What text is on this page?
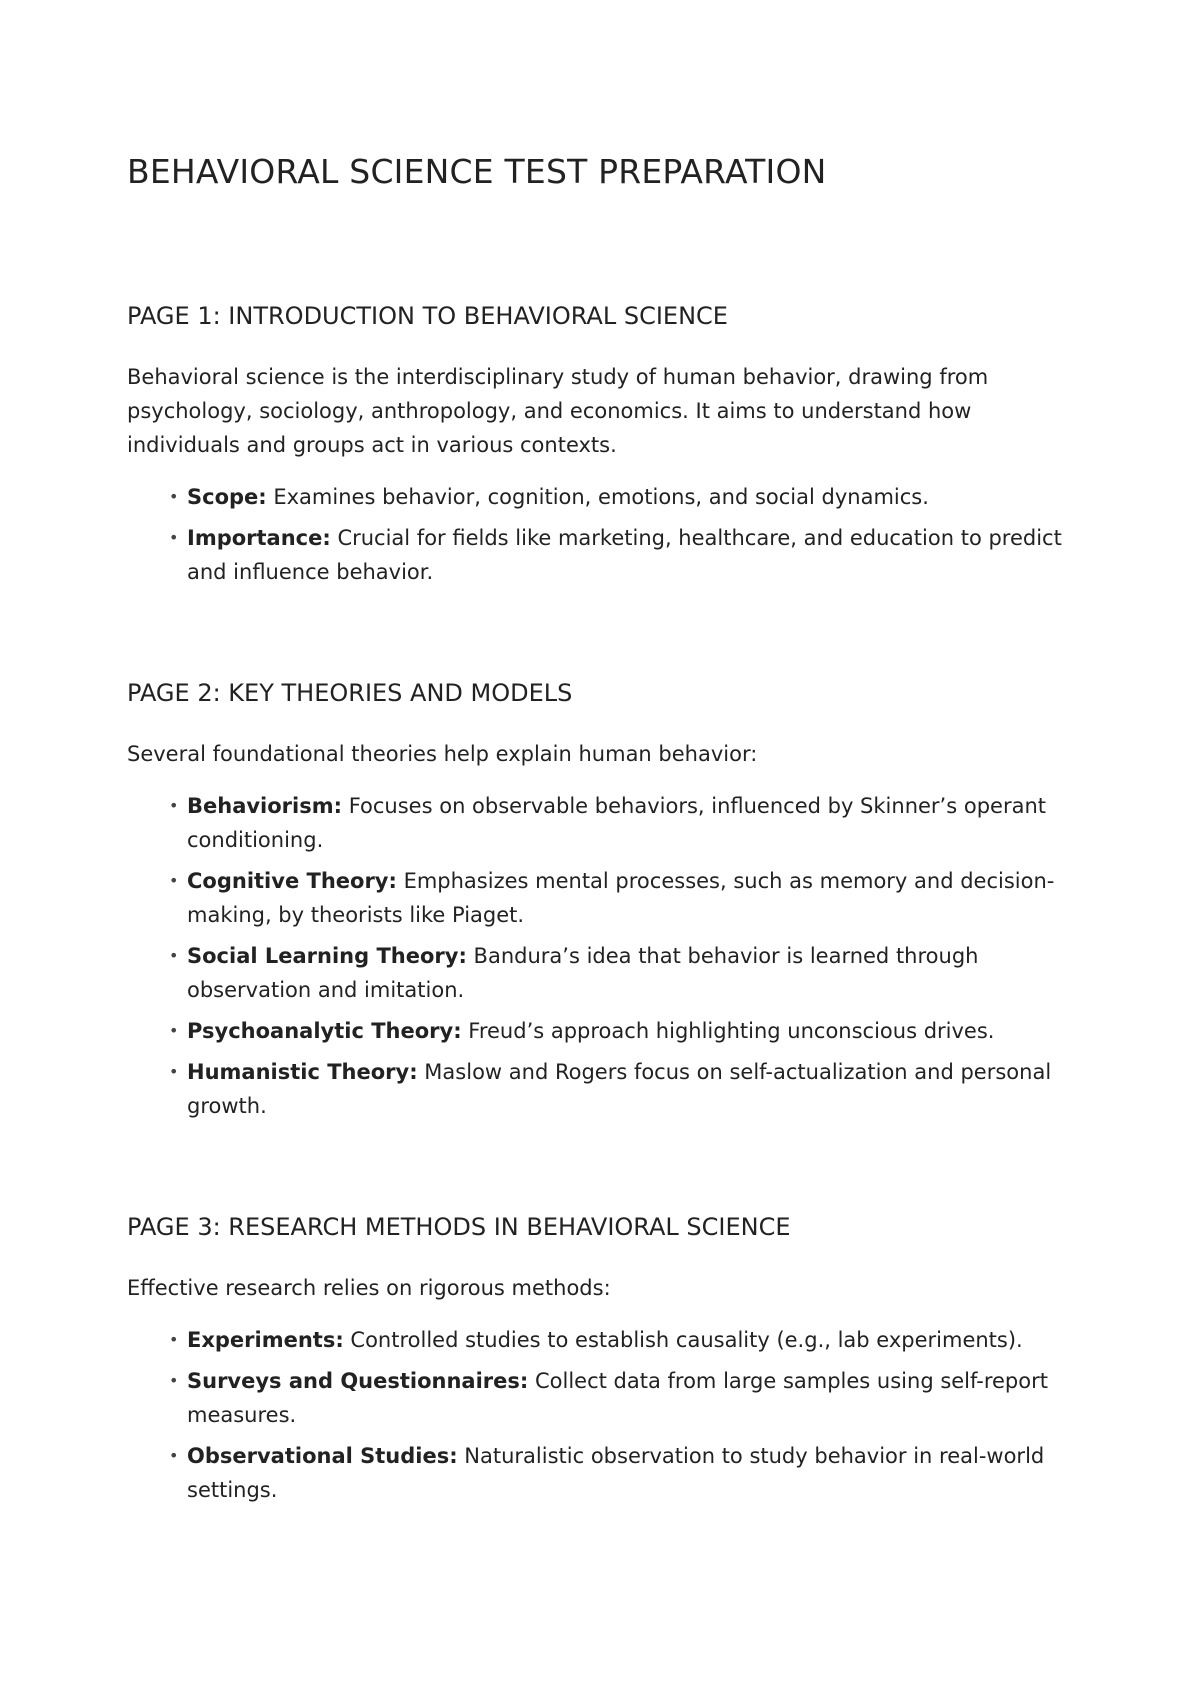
BEHAVIORAL SCIENCE TEST PREPARATION
PAGE 1: INTRODUCTION TO BEHAVIORAL SCIENCE

Behavioral science is the interdisciplinary study of human behavior, drawing from psychology, sociology, anthropology, and economics. It aims to understand how individuals and groups act in various contexts.

• Scope: Examines behavior, cognition, emotions, and social dynamics.
• Importance: Crucial for fields like marketing, healthcare, and education to predict and influence behavior.
PAGE 2: KEY THEORIES AND MODELS

Several foundational theories help explain human behavior:

• Behaviorism: Focuses on observable behaviors, influenced by Skinner’s operant conditioning.
• Cognitive Theory: Emphasizes mental processes, such as memory and decision-making, by theorists like Piaget.
• Social Learning Theory: Bandura’s idea that behavior is learned through observation and imitation.
• Psychoanalytic Theory: Freud’s approach highlighting unconscious drives.
• Humanistic Theory: Maslow and Rogers focus on self-actualization and personal growth.
PAGE 3: RESEARCH METHODS IN BEHAVIORAL SCIENCE

Effective research relies on rigorous methods:

• Experiments: Controlled studies to establish causality (e.g., lab experiments).
• Surveys and Questionnaires: Collect data from large samples using self-report measures.
• Observational Studies: Naturalistic observation to study behavior in real-world settings.
